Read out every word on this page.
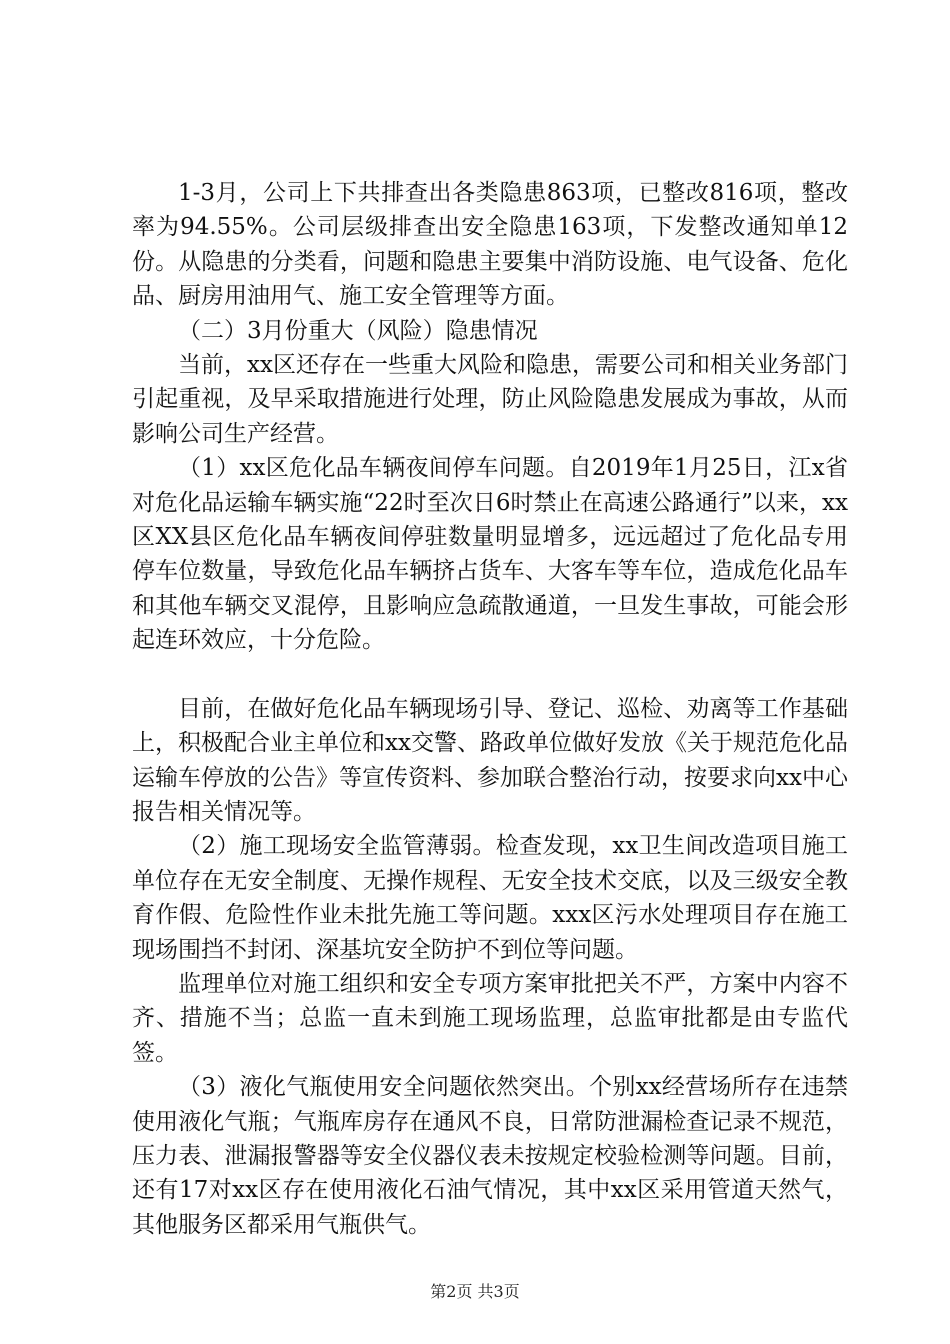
1-3月，公司上下共排查出各类隐患863项，已整改816项，整改率为94.55%。公司层级排查出安全隐患163项，下发整改通知单12份。从隐患的分类看，问题和隐患主要集中消防设施、电气设备、危化品、厨房用油用气、施工安全管理等方面。

（二）3月份重大（风险）隐患情况

当前，xx区还存在一些重大风险和隐患，需要公司和相关业务部门引起重视，及早采取措施进行处理，防止风险隐患发展成为事故，从而影响公司生产经营。

（1）xx区危化品车辆夜间停车问题。自2019年1月25日，江x省对危化品运输车辆实施“22时至次日6时禁止在高速公路通行”以来，xx区XX县区危化品车辆夜间停驻数量明显增多，远远超过了危化品专用停车位数量，导致危化品车辆挤占货车、大客车等车位，造成危化品车和其他车辆交叉混停，且影响应急疏散通道，一旦发生事故，可能会形起连环效应，十分危险。

目前，在做好危化品车辆现场引导、登记、巡检、劝离等工作基础上，积极配合业主单位和xx交警、路政单位做好发放《关于规范危化品运输车停放的公告》等宣传资料、参加联合整治行动，按要求向xx中心报告相关情况等。

（2）施工现场安全监管薄弱。检查发现，xx卫生间改造项目施工单位存在无安全制度、无操作规程、无安全技术交底，以及三级安全教育作假、危险性作业未批先施工等问题。xxx区污水处理项目存在施工现场围挡不封闭、深基坑安全防护不到位等问题。

监理单位对施工组织和安全专项方案审批把关不严，方案中内容不齐、措施不当；总监一直未到施工现场监理，总监审批都是由专监代签。

（3）液化气瓶使用安全问题依然突出。个别xx经营场所存在违禁使用液化气瓶；气瓶库房存在通风不良，日常防泄漏检查记录不规范，压力表、泄漏报警器等安全仪器仪表未按规定校验检测等问题。目前，还有17对xx区存在使用液化石油气情况，其中xx区采用管道天然气，其他服务区都采用气瓶供气。

第2页 共3页
